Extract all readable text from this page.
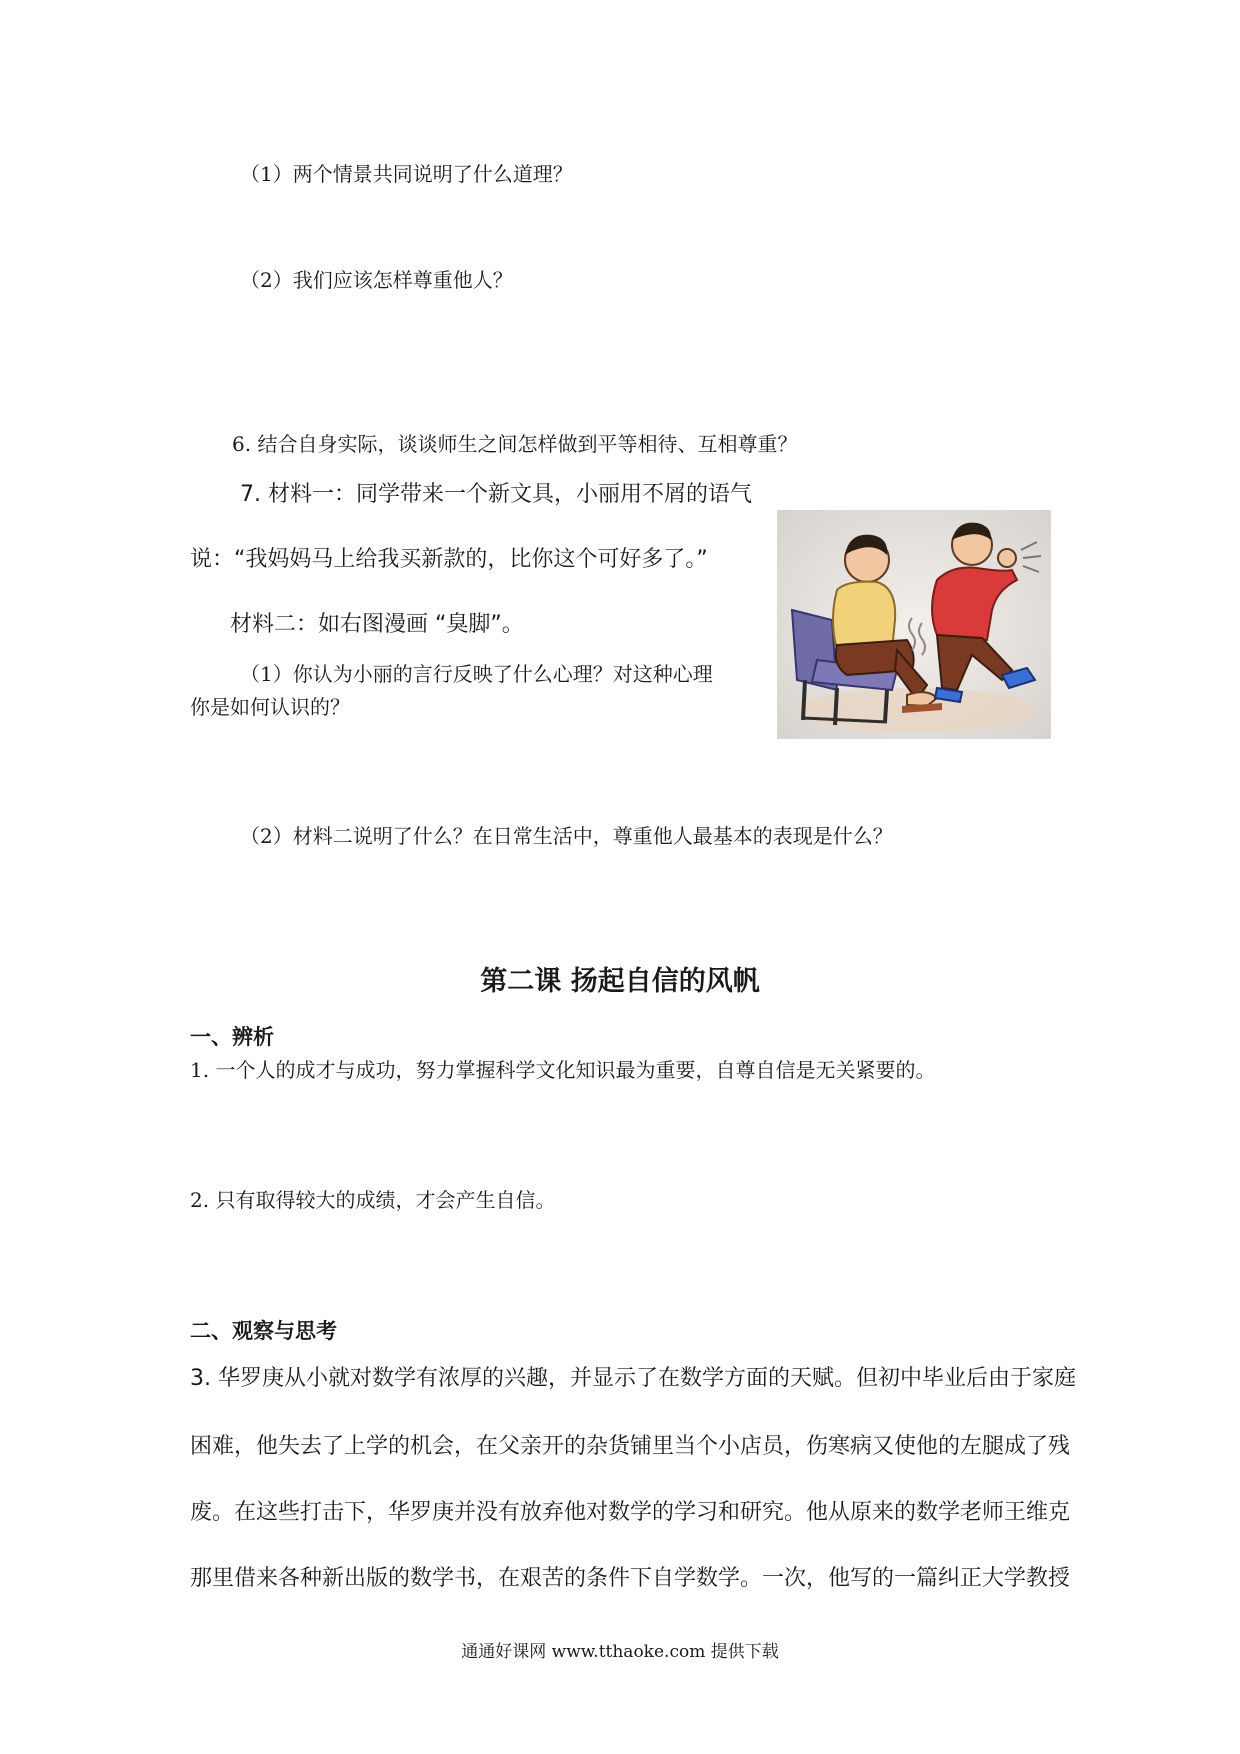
（1）两个情景共同说明了什么道理？
（2）我们应该怎样尊重他人？
6. 结合自身实际，谈谈师生之间怎样做到平等相待、互相尊重？
7. 材料一：同学带来一个新文具，小丽用不屑的语气
说：“我妈妈马上给我买新款的，比你这个可好多了。”
材料二：如右图漫画 “臭脚”。
（1）你认为小丽的言行反映了什么心理？对这种心理
你是如何认识的？
（2）材料二说明了什么？在日常生活中，尊重他人最基本的表现是什么？
第二课 扬起自信的风帆
一、辨析
1. 一个人的成才与成功，努力掌握科学文化知识最为重要，自尊自信是无关紧要的。
2. 只有取得较大的成绩，才会产生自信。
二、观察与思考
3. 华罗庚从小就对数学有浓厚的兴趣，并显示了在数学方面的天赋。但初中毕业后由于家庭
困难，他失去了上学的机会，在父亲开的杂货铺里当个小店员，伤寒病又使他的左腿成了残
废。在这些打击下，华罗庚并没有放弃他对数学的学习和研究。他从原来的数学老师王维克
那里借来各种新出版的数学书，在艰苦的条件下自学数学。一次，他写的一篇纠正大学教授
通通好课网 www.tthaoke.com 提供下载
